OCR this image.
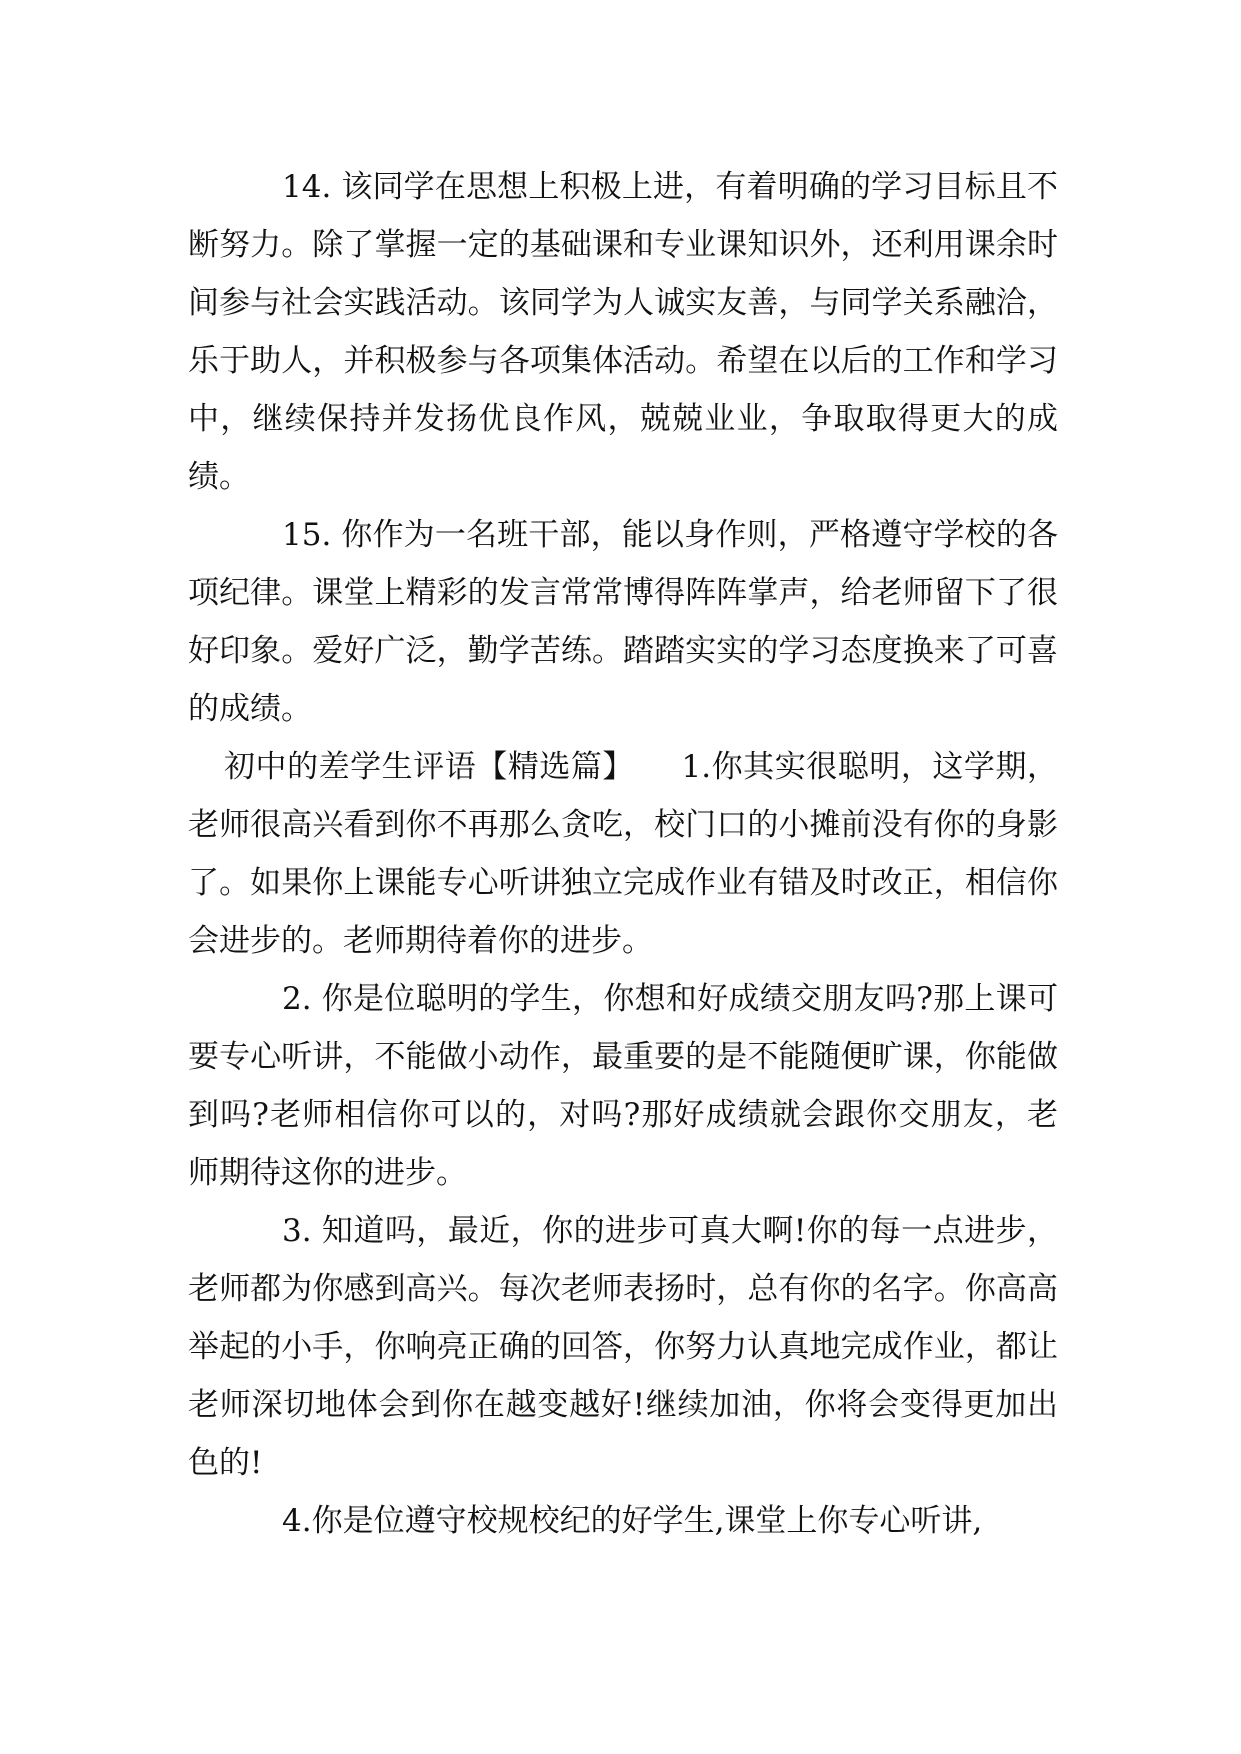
14. 该同学在思想上积极上进，有着明确的学习目标且不断努力。除了掌握一定的基础课和专业课知识外，还利用课余时间参与社会实践活动。该同学为人诚实友善，与同学关系融洽，乐于助人，并积极参与各项集体活动。希望在以后的工作和学习中，继续保持并发扬优良作风，兢兢业业，争取取得更大的成绩。

15. 你作为一名班干部，能以身作则，严格遵守学校的各项纪律。课堂上精彩的发言常常博得阵阵掌声，给老师留下了很好印象。爱好广泛，勤学苦练。踏踏实实的学习态度换来了可喜的成绩。

初中的差学生评语【精选篇】　　1.你其实很聪明，这学期，老师很高兴看到你不再那么贪吃，校门口的小摊前没有你的身影了。如果你上课能专心听讲独立完成作业有错及时改正，相信你会进步的。老师期待着你的进步。

2. 你是位聪明的学生，你想和好成绩交朋友吗?那上课可要专心听讲，不能做小动作，最重要的是不能随便旷课，你能做到吗?老师相信你可以的，对吗?那好成绩就会跟你交朋友，老师期待这你的进步。

3. 知道吗，最近，你的进步可真大啊!你的每一点进步，老师都为你感到高兴。每次老师表扬时，总有你的名字。你高高举起的小手，你响亮正确的回答，你努力认真地完成作业，都让老师深切地体会到你在越变越好!继续加油，你将会变得更加出色的!

4.你是位遵守校规校纪的好学生,课堂上你专心听讲,
